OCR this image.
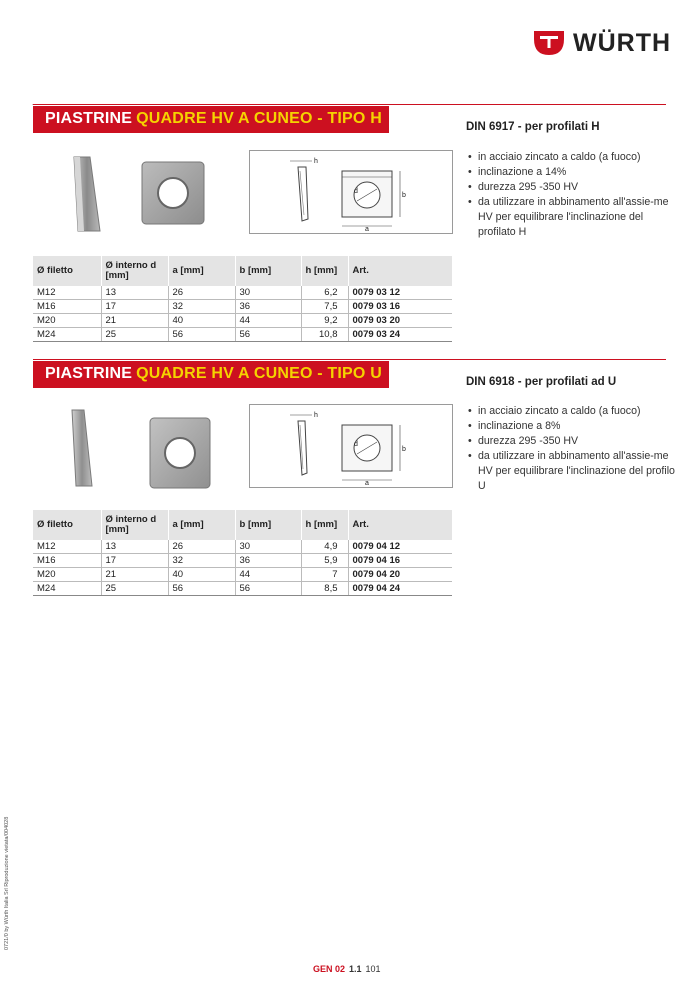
WÜRTH
PIASTRINE QUADRE HV A CUNEO - TIPO H	DIN 6917 - per profilati H
• in acciaio zincato a caldo (a fuoco)
• inclinazione a 14%
• durezza 295 -350 HV
• da utilizzare in abbinamento all'assie-me HV per equilibrare l'inclinazione del profilato H
h
d
b
a
Ø filetto	Ø interno d [mm]	a [mm]	b [mm]	h [mm]	Art.
M12	13	26	30	6,2	0079 03 12
M16	17	32	36	7,5	0079 03 16
M20	21	40	44	9,2	0079 03 20
M24	25	56	56	10,8	0079 03 24
PIASTRINE QUADRE HV A CUNEO - TIPO U	DIN 6918 - per profilati ad U
• in acciaio zincato a caldo (a fuoco)
• inclinazione a 8%
• durezza 295 -350 HV
• da utilizzare in abbinamento all'assie-me HV per equilibrare l'inclinazione del profilo U
h
d
b
a
Ø filetto	Ø interno d [mm]	a [mm]	b [mm]	h [mm]	Art.
M12	13	26	30	4,9	0079 04 12
M16	17	32	36	5,9	0079 04 16
M20	21	40	44	7	0079 04 20
M24	25	56	56	8,5	0079 04 24
0721/0 by Würth Italia Srl Riproduzione vietata/004028
GEN 02 1.1 101
